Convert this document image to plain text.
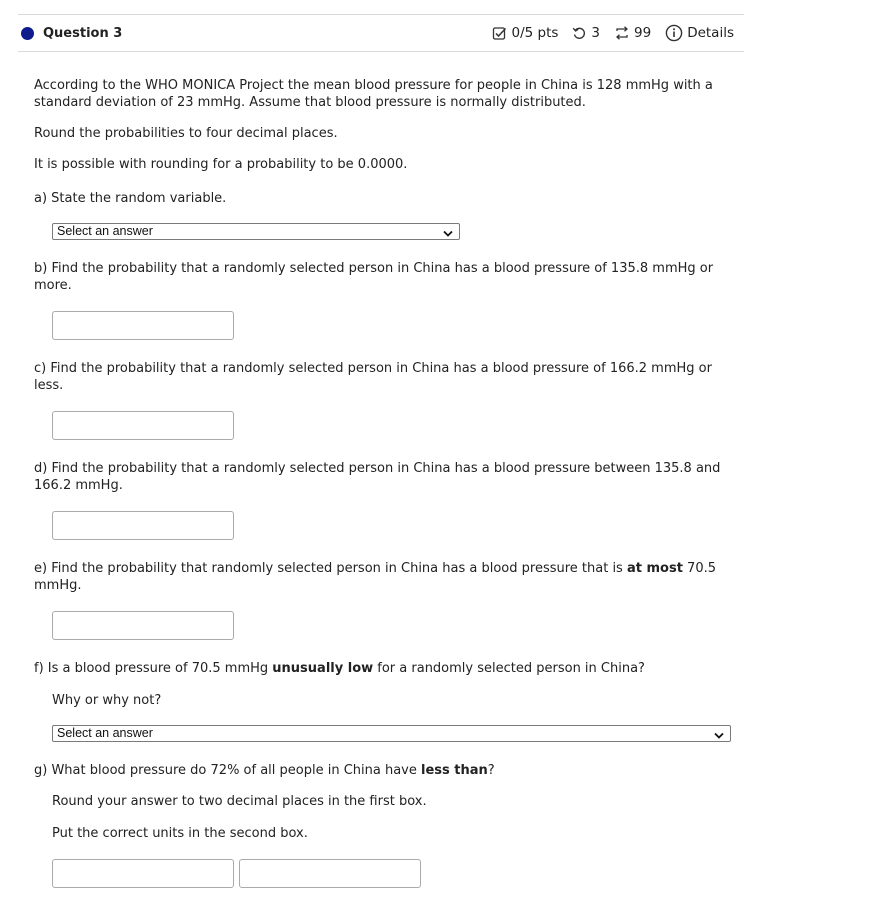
Question 3	0/5 pts 3	99	Details
According to the WHO MONICA Project the mean blood pressure for people in China is 128 mmHg with a
standard deviation of 23 mmHg. Assume that blood pressure is normally distributed.
Round the probabilities to four decimal places.
It is possible with rounding for a probability to be 0.0000.
a) State the random variable.
Select an answer
b) Find the probability that a randomly selected person in China has a blood pressure of 135.8 mmHg or
more.
c) Find the probability that a randomly selected person in China has a blood pressure of 166.2 mmHg or
less.
d) Find the probability that a randomly selected person in China has a blood pressure between 135.8 and
166.2 mmHg.
e) Find the probability that randomly selected person in China has a blood pressure that is at most 70.5
mmHg.
f) Is a blood pressure of 70.5 mmHg unusually low for a randomly selected person in China?
Why or why not?
Select an answer
g) What blood pressure do 72% of all people in China have less than?
Round your answer to two decimal places in the first box.
Put the correct units in the second box.
